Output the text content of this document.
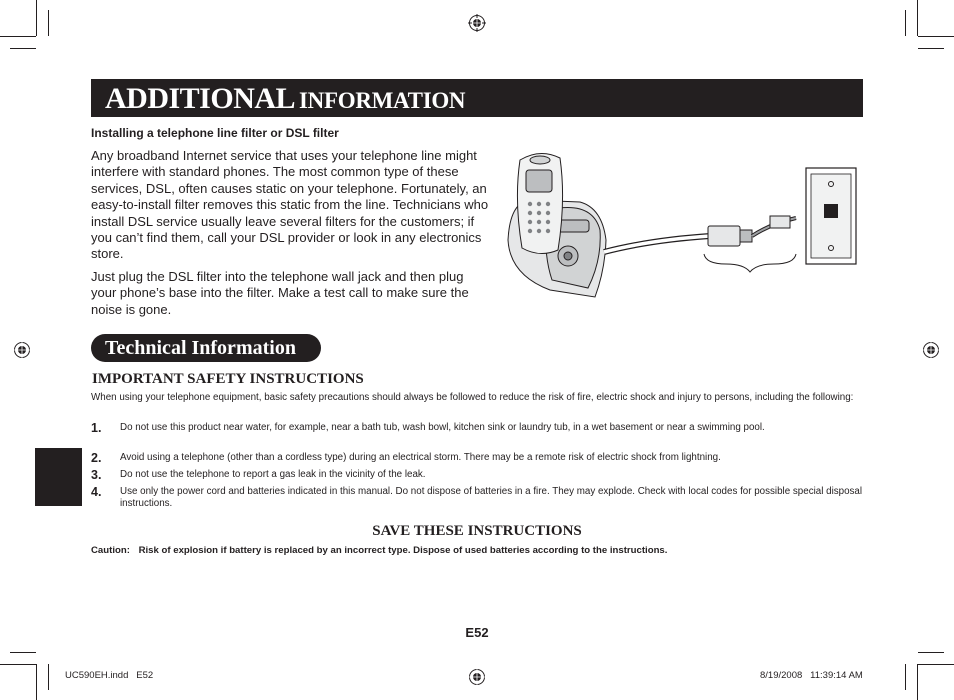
ADDITIONAL INFORMATION
Installing a telephone line filter or DSL filter
Any broadband Internet service that uses your telephone line might interfere with standard phones. The most common type of these services, DSL, often causes static on your telephone. Fortunately, an easy-to-install filter removes this static from the line. Technicians who install DSL service usually leave several filters for the customers; if you can’t find them, call your DSL provider or look in any electronics store.
Just plug the DSL filter into the telephone wall jack and then plug your phone’s base into the filter. Make a test call to make sure the noise is gone.
Technical Information
IMPORTANT SAFETY INSTRUCTIONS
When using your telephone equipment, basic safety precautions should always be followed to reduce the risk of fire, electric shock and injury to persons, including the following:
1. Do not use this product near water, for example, near a bath tub, wash bowl, kitchen sink or laundry tub, in a wet basement or near a swimming pool.
2. Avoid using a telephone (other than a cordless type) during an electrical storm. There may be a remote risk of electric shock from lightning.
3. Do not use the telephone to report a gas leak in the vicinity of the leak.
4. Use only the power cord and batteries indicated in this manual. Do not dispose of batteries in a fire. They may explode. Check with local codes for possible special disposal instructions.
SAVE THESE INSTRUCTIONS
Caution: Risk of explosion if battery is replaced by an incorrect type. Dispose of used batteries according to the instructions.
E52
UC590EH.indd   E52	8/19/2008   11:39:14 AM
